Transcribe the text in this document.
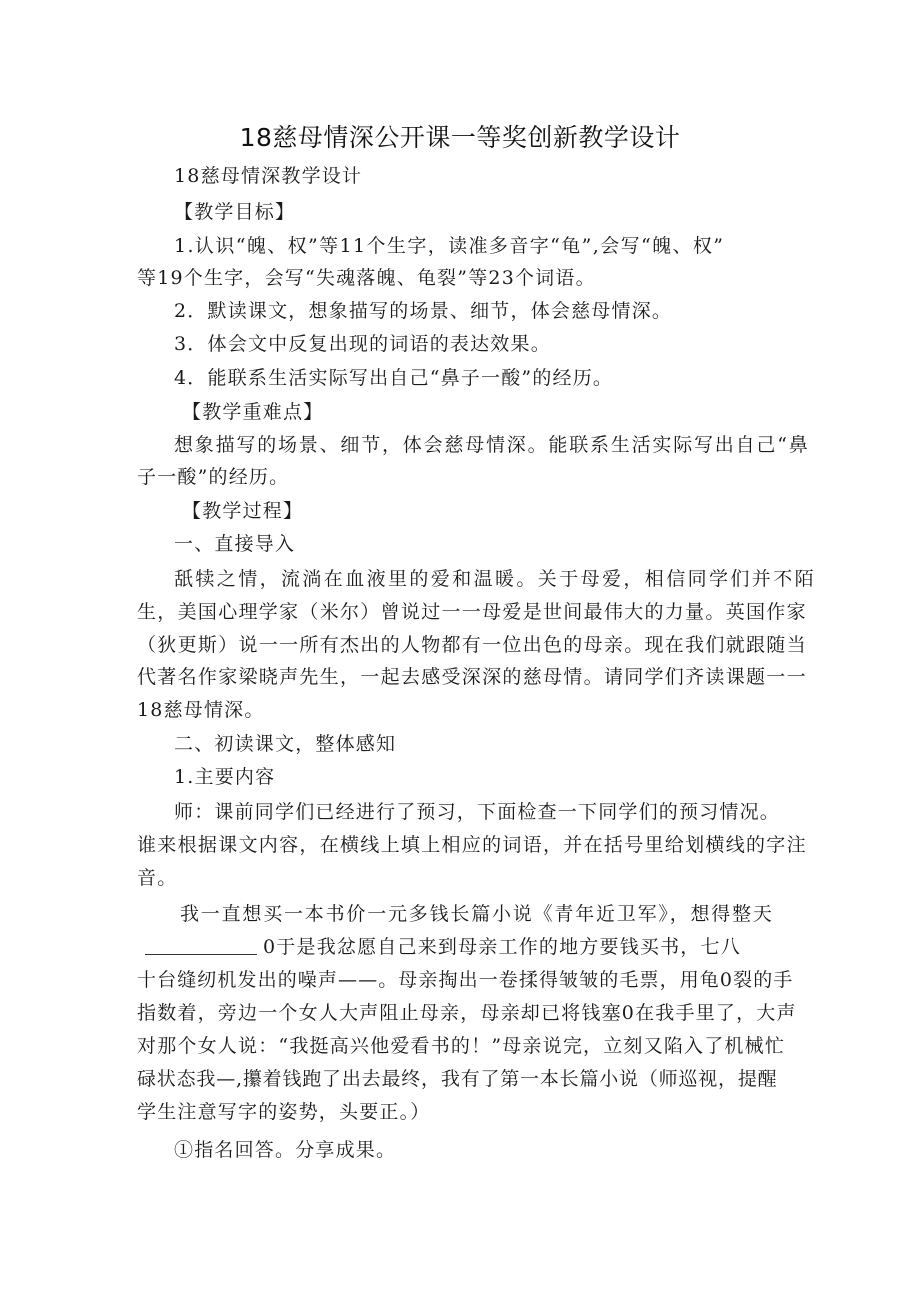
18慈母情深公开课一等奖创新教学设计
18慈母情深教学设计
【教学目标】
1.认识“魄、权”等11个生字，读准多音字“龟”,会写“魄、权”
等19个生字，会写“失魂落魄、龟裂”等23个词语。
2．默读课文，想象描写的场景、细节，体会慈母情深。
3．体会文中反复出现的词语的表达效果。
4．能联系生活实际写出自己“鼻子一酸”的经历。
【教学重难点】
想象描写的场景、细节，体会慈母情深。能联系生活实际写出自己“鼻
子一酸”的经历。
【教学过程】
一、直接导入
舐犊之情，流淌在血液里的爱和温暖。关于母爱，相信同学们并不陌
生，美国心理学家（米尔）曾说过一一母爱是世间最伟大的力量。英国作家
（狄更斯）说一一所有杰出的人物都有一位出色的母亲。现在我们就跟随当
代著名作家梁晓声先生，一起去感受深深的慈母情。请同学们齐读课题一一
18慈母情深。
二、初读课文，整体感知
1.主要内容
师：课前同学们已经进行了预习，下面检查一下同学们的预习情况。
谁来根据课文内容，在横线上填上相应的词语，并在括号里给划横线的字注
音。
我一直想买一本书价一元多钱长篇小说《青年近卫军》，想得整天
0于是我忿愿自己来到母亲工作的地方要钱买书，七八
十台缝纫机发出的噪声——。母亲掏出一卷揉得皱皱的毛票，用龟0裂的手
指数着，旁边一个女人大声阻止母亲，母亲却已将钱塞0在我手里了，大声
对那个女人说：“我挺高兴他爱看书的！”母亲说完，立刻又陷入了机械忙
碌状态我—,攥着钱跑了出去最终，我有了第一本长篇小说（师巡视，提醒
学生注意写字的姿势，头要正。）
①指名回答。分享成果。
